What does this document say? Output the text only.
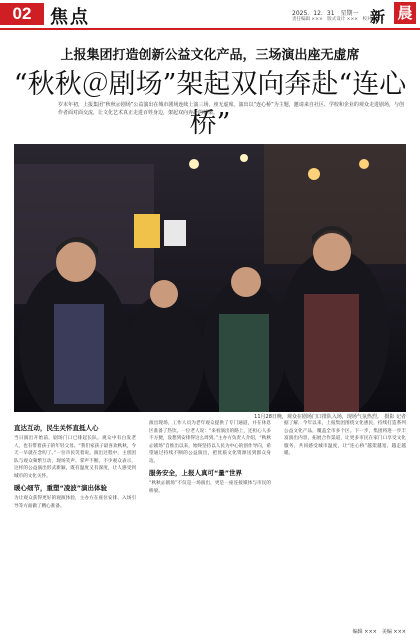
02	焦点	2025．12．31　星期一
责任编辑 ×××　版式设计 ×××　校对 ×××
新 晨
上报集团打造创新公益文化产品，三场演出座无虚席
“秋秋＠剧场”架起双向奔赴“连心桥”
岁末年初，上报集团“秋秋＠剧场”公益演出在城市剧场连续上演三场，座无虚席。演出以“连心桥”为主题，邀请来自社区、学校和企业的观众走进剧场，与创作者面对面交流，让文化艺术真正走进百姓身边，架起双向奔赴的桥梁。
11月28日晚，观众在剧场门口排队入场，现场气氛热烈。　摄影 记者
直达互动，民生关怀直抵人心
当日演出开始前，剧场门口已排起长队。观众中有白发老人，也有带着孩子的年轻父母。“我们家孩子最喜欢秋秋，今天一早就在念叨了。”一位市民笑着说。演出过程中，主创团队与观众频繁互动，现场笑声、掌声不断。不少观众表示，这样的公益演出形式新颖，既有温度又有深度，让人感受到城市的文化关怀。
暖心细节，重塑“凌波”演出体验
为让观众获得更好的观演体验，主办方在座位安排、入场引导等方面做了精心准备。
演出现场，工作人员为老年观众提供了专门通道，并在休息区准备了热饮。一位老人说：“来看演出的路上，还担心人多不方便，没想到安排得这么周到。”主办方负责人介绍，“秋秋＠剧场”自推出以来，始终坚持以人民为中心的创作导向，希望通过持续不断的公益演出，把优质文化资源送到群众身边。
服务安全，上报人真可“量”世界
“秋秋＠剧场”不仅是一场演出，更是一座连接媒体与市民的桥梁。
据了解，今年以来，上报集团围绕文化惠民，持续打造系列公益文化产品，覆盖全市多个区。下一步，集团将进一步丰富演出内容，拓展合作渠道，让更多市民在家门口享受文化服务，共同感受城市温度，让“连心桥”越架越宽、越走越暖。
编辑 ×××　美编 ×××
